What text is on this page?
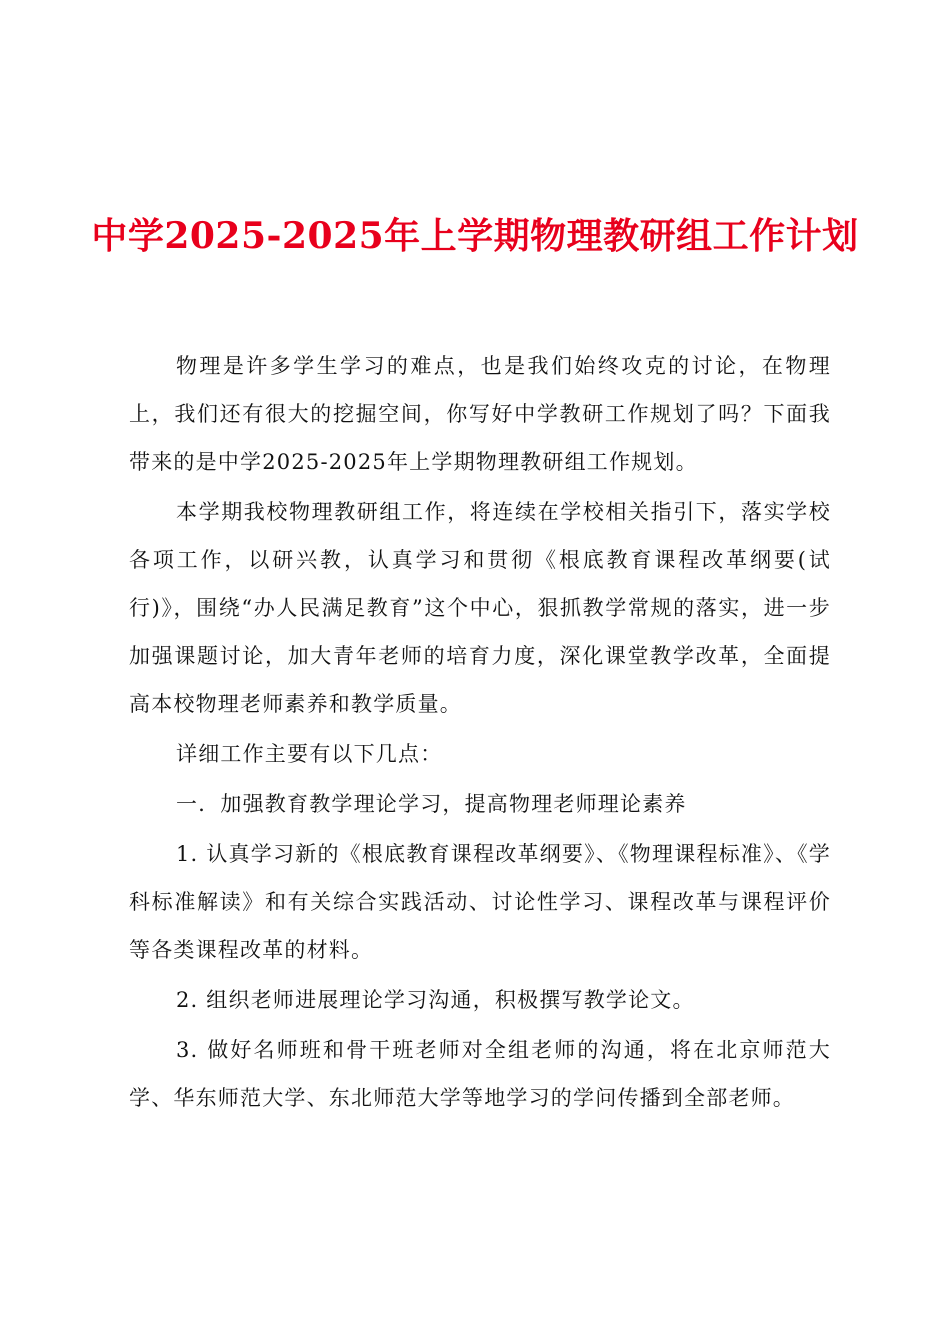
中学2025-2025年上学期物理教研组工作计划

物理是许多学生学习的难点，也是我们始终攻克的讨论，在物理上，我们还有很大的挖掘空间，你写好中学教研工作规划了吗？下面我带来的是中学2025-2025年上学期物理教研组工作规划。

本学期我校物理教研组工作，将连续在学校相关指引下，落实学校各项工作，以研兴教，认真学习和贯彻《根底教育课程改革纲要(试行)》，围绕“办人民满足教育”这个中心，狠抓教学常规的落实，进一步加强课题讨论，加大青年老师的培育力度，深化课堂教学改革，全面提高本校物理老师素养和教学质量。

详细工作主要有以下几点：

一．加强教育教学理论学习，提高物理老师理论素养

1. 认真学习新的《根底教育课程改革纲要》、《物理课程标准》、《学科标准解读》和有关综合实践活动、讨论性学习、课程改革与课程评价等各类课程改革的材料。

2. 组织老师进展理论学习沟通，积极撰写教学论文。

3. 做好名师班和骨干班老师对全组老师的沟通，将在北京师范大学、华东师范大学、东北师范大学等地学习的学问传播到全部老师。
